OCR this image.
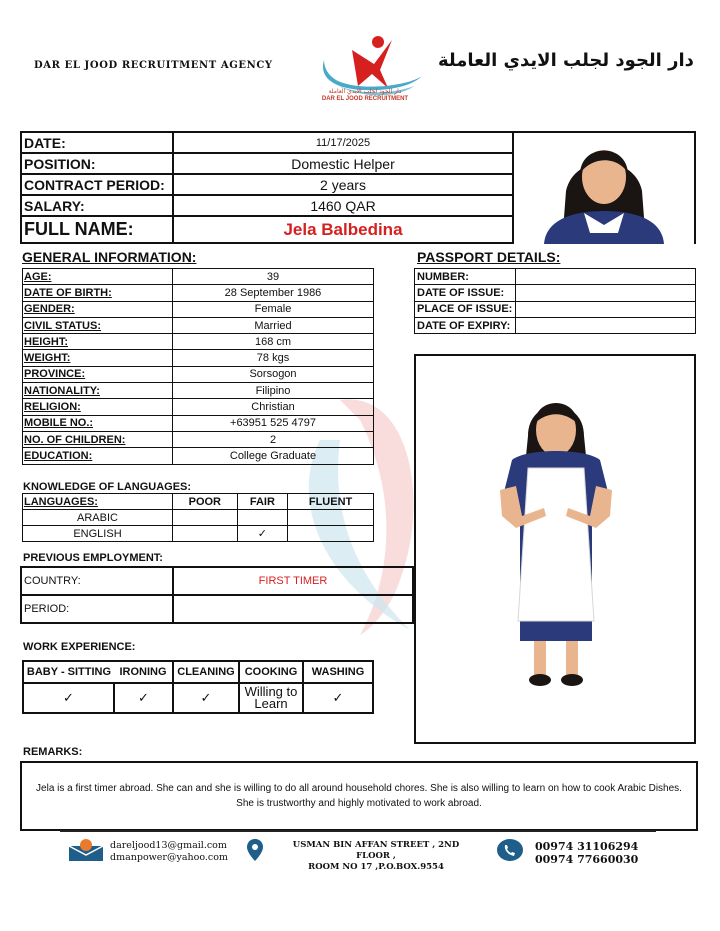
DAR EL JOOD RECRUITMENT AGENCY	دار الجود لجلب الايدي العاملة
دار الجود لجلب الايدي العاملة
DAR EL JOOD RECRUITMENT
DATE:	11/17/2025
POSITION:	Domestic Helper
CONTRACT PERIOD:	2 years
SALARY:	1460 QAR
FULL NAME:	Jela Balbedina
GENERAL INFORMATION:
AGE:	39
DATE OF BIRTH:	28 September 1986
GENDER:	Female
CIVIL STATUS:	Married
HEIGHT:	168 cm
WEIGHT:	78 kgs
PROVINCE:	Sorsogon
NATIONALITY:	Filipino
RELIGION:	Christian
MOBILE NO.:	+63951 525 4797
NO. OF CHILDREN:	2
EDUCATION:	College Graduate
PASSPORT DETAILS:
NUMBER:	
DATE OF ISSUE:	
PLACE OF ISSUE:	
DATE OF EXPIRY:	
KNOWLEDGE OF LANGUAGES:
LANGUAGES:	POOR	FAIR	FLUENT
ARABIC			
ENGLISH		✓	
PREVIOUS EMPLOYMENT:
COUNTRY:	FIRST TIMER
PERIOD:	
WORK EXPERIENCE:
BABY - SITTING	IRONING	CLEANING	COOKING	WASHING
✓	✓	✓	Willing to Learn	✓
REMARKS:
Jela is a first timer abroad. She can and she is willing to do all around household chores. She is also willing to learn on how to cook Arabic Dishes. She is trustworthy and highly motivated to work abroad.
dareljood13@gmail.com
dmanpower@yahoo.com
USMAN BIN AFFAN STREET , 2ND FLOOR ,
ROOM NO 17 ,P.O.BOX.9554
00974 31106294
00974 77660030
